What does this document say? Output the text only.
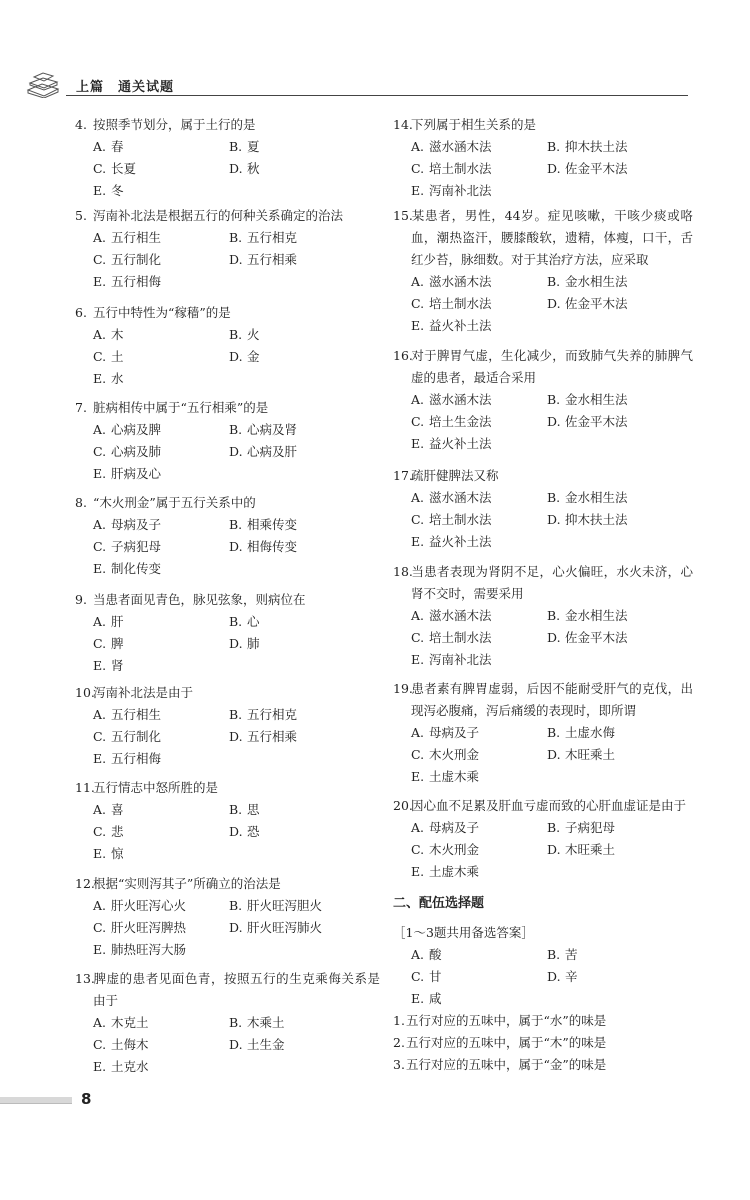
上篇　通关试题
4. 按照季节划分，属于土行的是
A. 春	B. 夏
C. 长夏	D. 秋
E. 冬
5. 泻南补北法是根据五行的何种关系确定的治法
A. 五行相生	B. 五行相克
C. 五行制化	D. 五行相乘
E. 五行相侮
6. 五行中特性为“稼穑”的是
A. 木	B. 火
C. 土	D. 金
E. 水
7. 脏病相传中属于“五行相乘”的是
A. 心病及脾	B. 心病及肾
C. 心病及肺	D. 心病及肝
E. 肝病及心
8. “木火刑金”属于五行关系中的
A. 母病及子	B. 相乘传变
C. 子病犯母	D. 相侮传变
E. 制化传变
9. 当患者面见青色，脉见弦象，则病位在
A. 肝	B. 心
C. 脾	D. 肺
E. 肾
10.泻南补北法是由于
A. 五行相生	B. 五行相克
C. 五行制化	D. 五行相乘
E. 五行相侮
11.五行情志中怒所胜的是
A. 喜	B. 思
C. 悲	D. 恐
E. 惊
12.根据“实则泻其子”所确立的治法是
A. 肝火旺泻心火	B. 肝火旺泻胆火
C. 肝火旺泻脾热	D. 肝火旺泻肺火
E. 肺热旺泻大肠
13.脾虚的患者见面色青，按照五行的生克乘侮关系是由于
A. 木克土	B. 木乘土
C. 土侮木	D. 土生金
E. 土克水
14.下列属于相生关系的是
A. 滋水涵木法	B. 抑木扶土法
C. 培土制水法	D. 佐金平木法
E. 泻南补北法
15.某患者，男性，44岁。症见咳嗽，干咳少痰或咯血，潮热盗汗，腰膝酸软，遗精，体瘦，口干，舌红少苔，脉细数。对于其治疗方法，应采取
A. 滋水涵木法	B. 金水相生法
C. 培土制水法	D. 佐金平木法
E. 益火补土法
16.对于脾胃气虚，生化减少，而致肺气失养的肺脾气虚的患者，最适合采用
A. 滋水涵木法	B. 金水相生法
C. 培土生金法	D. 佐金平木法
E. 益火补土法
17.疏肝健脾法又称
A. 滋水涵木法	B. 金水相生法
C. 培土制水法	D. 抑木扶土法
E. 益火补土法
18.当患者表现为肾阴不足，心火偏旺，水火未济，心肾不交时，需要采用
A. 滋水涵木法	B. 金水相生法
C. 培土制水法	D. 佐金平木法
E. 泻南补北法
19.患者素有脾胃虚弱，后因不能耐受肝气的克伐，出现泻必腹痛，泻后痛缓的表现时，即所谓
A. 母病及子	B. 土虚水侮
C. 木火刑金	D. 木旺乘土
E. 土虚木乘
20.因心血不足累及肝血亏虚而致的心肝血虚证是由于
A. 母病及子	B. 子病犯母
C. 木火刑金	D. 木旺乘土
E. 土虚木乘
二、配伍选择题
［1～3题共用备选答案］
A. 酸	B. 苦
C. 甘	D. 辛
E. 咸
1.五行对应的五味中，属于“水”的味是
2.五行对应的五味中，属于“木”的味是
3.五行对应的五味中，属于“金”的味是
8
